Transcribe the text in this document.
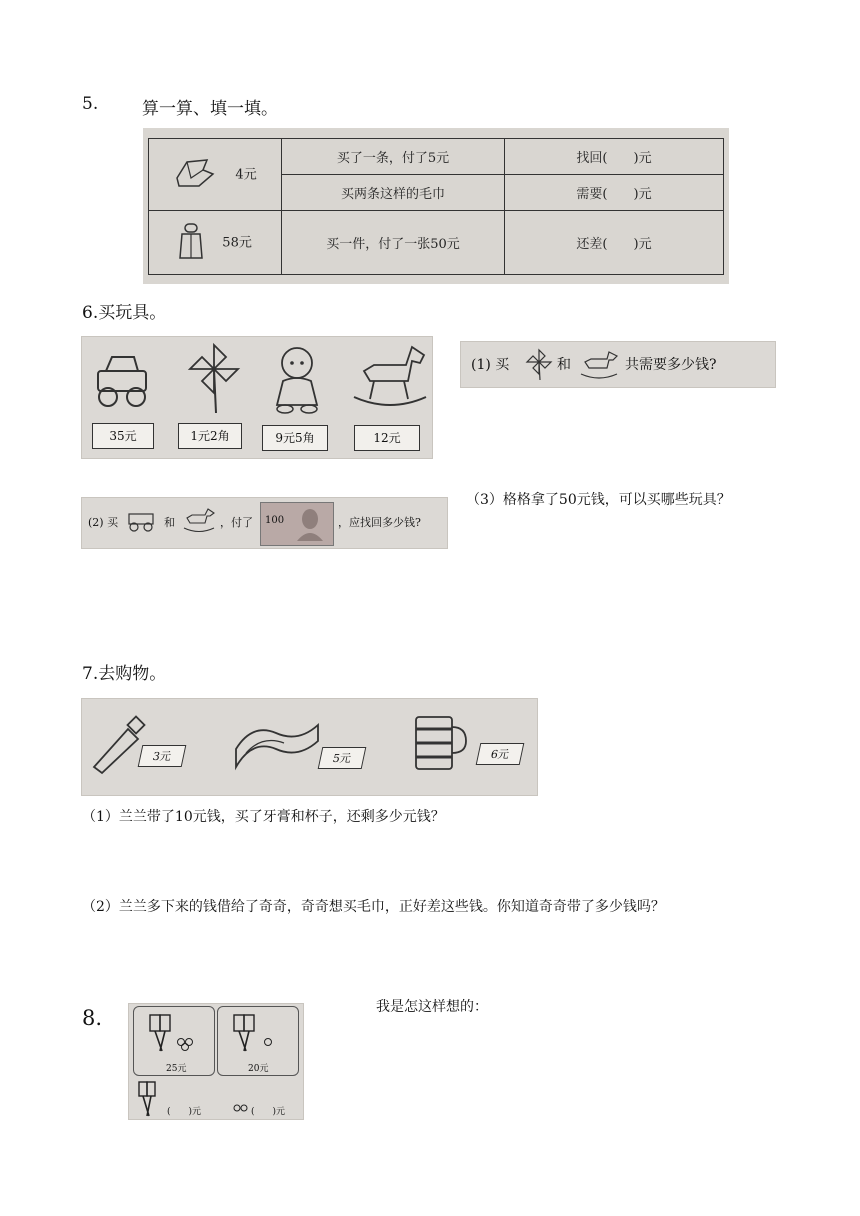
5.	算一算、填一填。
4元	买了一条，付了5元	找回(　　)元
	买两条这样的毛巾	需要(　　)元
58元	买一件，付了一张50元	还差(　　)元
6.买玩具。
35元	1元2角	9元5角	12元
(1) 买	和	共需要多少钱?
(2) 买	和	，付了 100	，应找回多少钱?
（3）格格拿了50元钱，可以买哪些玩具？
7.去购物。
3元	5元	6元
（1）兰兰带了10元钱，买了牙膏和杯子，还剩多少元钱？
（2）兰兰多下来的钱借给了奇奇，奇奇想买毛巾，正好差这些钱。你知道奇奇带了多少钱吗？
8.
25元	20元
(　　)元	(　　)元
我是怎这样想的：
